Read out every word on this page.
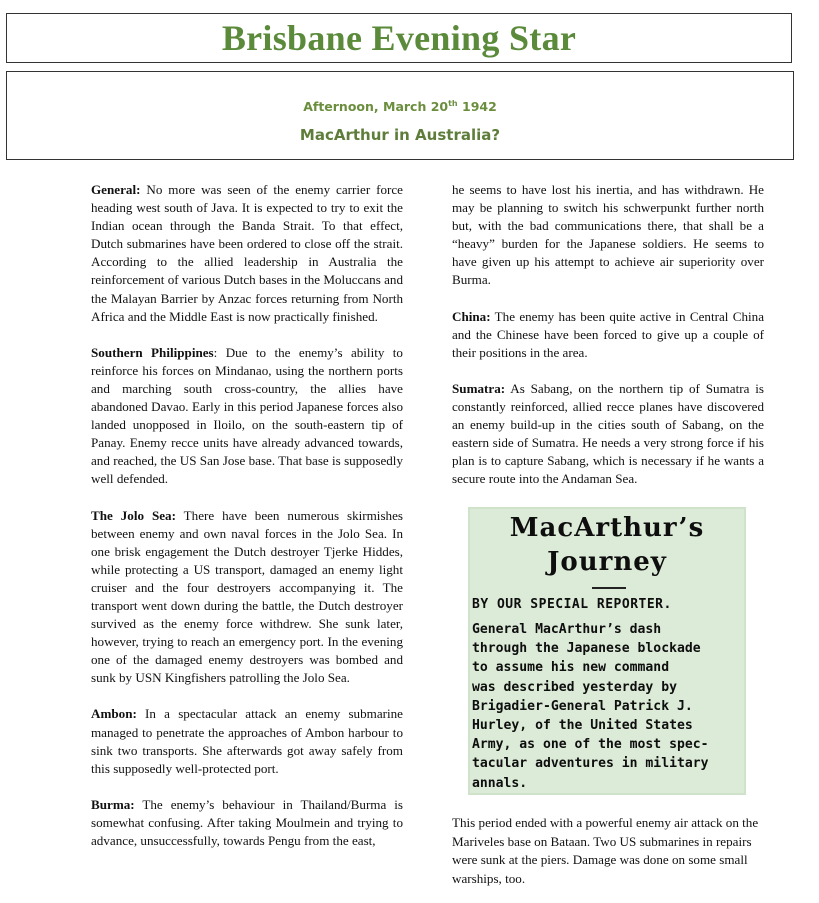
Brisbane Evening Star
Afternoon, March 20th 1942
MacArthur in Australia?

General: No more was seen of the enemy carrier force heading west south of Java. It is expected to try to exit the Indian ocean through the Banda Strait. To that effect, Dutch submarines have been ordered to close off the strait. According to the allied leadership in Australia the reinforcement of various Dutch bases in the Moluccans and the Malayan Barrier by Anzac forces returning from North Africa and the Middle East is now practically finished.

Southern Philippines: Due to the enemy’s ability to reinforce his forces on Mindanao, using the northern ports and marching south cross-country, the allies have abandoned Davao. Early in this period Japanese forces also landed unopposed in Iloilo, on the south-eastern tip of Panay. Enemy recce units have already advanced towards, and reached, the US San Jose base. That base is supposedly well defended.

The Jolo Sea: There have been numerous skirmishes between enemy and own naval forces in the Jolo Sea. In one brisk engagement the Dutch destroyer Tjerke Hiddes, while protecting a US transport, damaged an enemy light cruiser and the four destroyers accompanying it. The transport went down during the battle, the Dutch destroyer survived as the enemy force withdrew. She sunk later, however, trying to reach an emergency port. In the evening one of the damaged enemy destroyers was bombed and sunk by USN Kingfishers patrolling the Jolo Sea.

Ambon: In a spectacular attack an enemy submarine managed to penetrate the approaches of Ambon harbour to sink two transports. She afterwards got away safely from this supposedly well-protected port.

Burma: The enemy’s behaviour in Thailand/Burma is somewhat confusing. After taking Moulmein and trying to advance, unsuccessfully, towards Pengu from the east,

he seems to have lost his inertia, and has withdrawn. He may be planning to switch his schwerpunkt further north but, with the bad communications there, that shall be a “heavy” burden for the Japanese soldiers. He seems to have given up his attempt to achieve air superiority over Burma.

China: The enemy has been quite active in Central China and the Chinese have been forced to give up a couple of their positions in the area.

Sumatra: As Sabang, on the northern tip of Sumatra is constantly reinforced, allied recce planes have discovered an enemy build-up in the cities south of Sabang, on the eastern side of Sumatra. He needs a very strong force if his plan is to capture Sabang, which is necessary if he wants a secure route into the Andaman Sea.

MacArthur’s
Journey
BY OUR SPECIAL REPORTER.
General MacArthur’s dash
through the Japanese blockade
to assume his new command
was described yesterday by
Brigadier-General Patrick J.
Hurley, of the United States
Army, as one of the most spec-
tacular adventures in military
annals.
This period ended with a powerful enemy air attack on the Mariveles base on Bataan. Two US submarines in repairs were sunk at the piers. Damage was done on some small warships, too.
